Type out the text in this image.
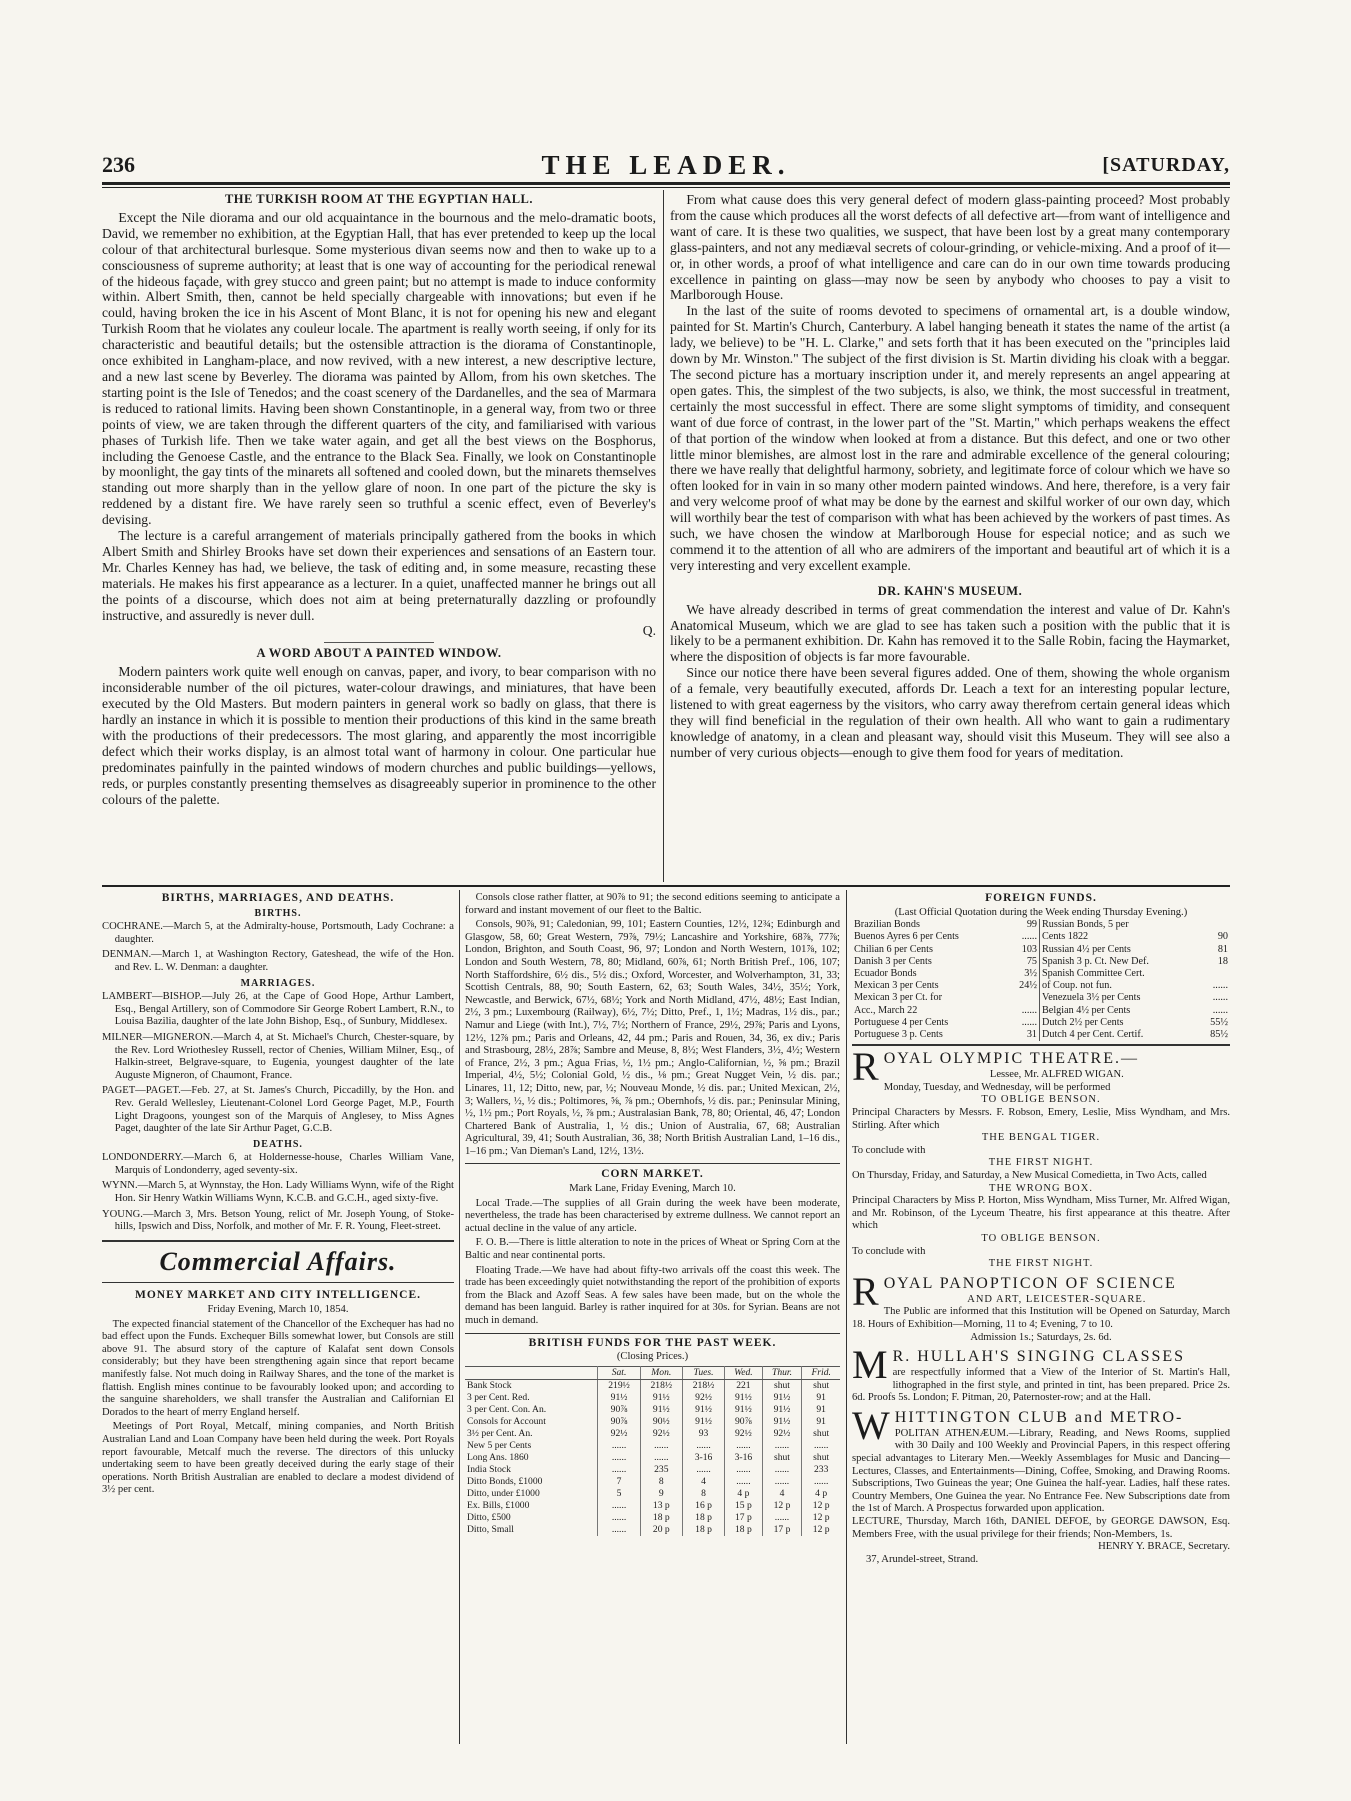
236	THE LEADER.	[SATURDAY,
THE TURKISH ROOM AT THE EGYPTIAN HALL.

Except the Nile diorama and our old acquaintance in the bournous and the melo-dramatic boots, David, we remember no exhibition, at the Egyptian Hall, that has ever pretended to keep up the local colour of that architectural burlesque. Some mysterious divan seems now and then to wake up to a consciousness of supreme authority; at least that is one way of accounting for the periodical renewal of the hideous façade, with grey stucco and green paint; but no attempt is made to induce conformity within. Albert Smith, then, cannot be held specially chargeable with innovations; but even if he could, having broken the ice in his Ascent of Mont Blanc, it is not for opening his new and elegant Turkish Room that he violates any couleur locale. The apartment is really worth seeing, if only for its characteristic and beautiful details; but the ostensible attraction is the diorama of Constantinople, once exhibited in Langham-place, and now revived, with a new interest, a new descriptive lecture, and a new last scene by Beverley. The diorama was painted by Allom, from his own sketches. The starting point is the Isle of Tenedos; and the coast scenery of the Dardanelles, and the sea of Marmara is reduced to rational limits. Having been shown Constantinople, in a general way, from two or three points of view, we are taken through the different quarters of the city, and familiarised with various phases of Turkish life. Then we take water again, and get all the best views on the Bosphorus, including the Genoese Castle, and the entrance to the Black Sea. Finally, we look on Constantinople by moonlight, the gay tints of the minarets all softened and cooled down, but the minarets themselves standing out more sharply than in the yellow glare of noon. In one part of the picture the sky is reddened by a distant fire. We have rarely seen so truthful a scenic effect, even of Beverley's devising.

The lecture is a careful arrangement of materials principally gathered from the books in which Albert Smith and Shirley Brooks have set down their experiences and sensations of an Eastern tour. Mr. Charles Kenney has had, we believe, the task of editing and, in some measure, recasting these materials. He makes his first appearance as a lecturer. In a quiet, unaffected manner he brings out all the points of a discourse, which does not aim at being preternaturally dazzling or profoundly instructive, and assuredly is never dull.

Q.

A WORD ABOUT A PAINTED WINDOW.

Modern painters work quite well enough on canvas, paper, and ivory, to bear comparison with no inconsiderable number of the oil pictures, water-colour drawings, and miniatures, that have been executed by the Old Masters. But modern painters in general work so badly on glass, that there is hardly an instance in which it is possible to mention their productions of this kind in the same breath with the productions of their predecessors. The most glaring, and apparently the most incorrigible defect which their works display, is an almost total want of harmony in colour. One particular hue predominates painfully in the painted windows of modern churches and public buildings—yellows, reds, or purples constantly presenting themselves as disagreeably superior in prominence to the other colours of the palette.

From what cause does this very general defect of modern glass-painting proceed? Most probably from the cause which produces all the worst defects of all defective art—from want of intelligence and want of care. It is these two qualities, we suspect, that have been lost by a great many contemporary glass-painters, and not any mediæval secrets of colour-grinding, or vehicle-mixing. And a proof of it—or, in other words, a proof of what intelligence and care can do in our own time towards producing excellence in painting on glass—may now be seen by anybody who chooses to pay a visit to Marlborough House.

In the last of the suite of rooms devoted to specimens of ornamental art, is a double window, painted for St. Martin's Church, Canterbury. A label hanging beneath it states the name of the artist (a lady, we believe) to be "H. L. Clarke," and sets forth that it has been executed on the "principles laid down by Mr. Winston." The subject of the first division is St. Martin dividing his cloak with a beggar. The second picture has a mortuary inscription under it, and merely represents an angel appearing at open gates. This, the simplest of the two subjects, is also, we think, the most successful in treatment, certainly the most successful in effect. There are some slight symptoms of timidity, and consequent want of due force of contrast, in the lower part of the "St. Martin," which perhaps weakens the effect of that portion of the window when looked at from a distance. But this defect, and one or two other little minor blemishes, are almost lost in the rare and admirable excellence of the general colouring; there we have really that delightful harmony, sobriety, and legitimate force of colour which we have so often looked for in vain in so many other modern painted windows. And here, therefore, is a very fair and very welcome proof of what may be done by the earnest and skilful worker of our own day, which will worthily bear the test of comparison with what has been achieved by the workers of past times. As such, we have chosen the window at Marlborough House for especial notice; and as such we commend it to the attention of all who are admirers of the important and beautiful art of which it is a very interesting and very excellent example.

DR. KAHN'S MUSEUM.

We have already described in terms of great commendation the interest and value of Dr. Kahn's Anatomical Museum, which we are glad to see has taken such a position with the public that it is likely to be a permanent exhibition. Dr. Kahn has removed it to the Salle Robin, facing the Haymarket, where the disposition of objects is far more favourable.

Since our notice there have been several figures added. One of them, showing the whole organism of a female, very beautifully executed, affords Dr. Leach a text for an interesting popular lecture, listened to with great eagerness by the visitors, who carry away therefrom certain general ideas which they will find beneficial in the regulation of their own health. All who want to gain a rudimentary knowledge of anatomy, in a clean and pleasant way, should visit this Museum. They will see also a number of very curious objects—enough to give them food for years of meditation.

BIRTHS, MARRIAGES, AND DEATHS.
BIRTHS.

COCHRANE.—March 5, at the Admiralty-house, Portsmouth, Lady Cochrane: a daughter.

DENMAN.—March 1, at Washington Rectory, Gateshead, the wife of the Hon. and Rev. L. W. Denman: a daughter.

MARRIAGES.

LAMBERT—BISHOP.—July 26, at the Cape of Good Hope, Arthur Lambert, Esq., Bengal Artillery, son of Commodore Sir George Robert Lambert, R.N., to Louisa Bazilia, daughter of the late John Bishop, Esq., of Sunbury, Middlesex.

MILNER—MIGNERON.—March 4, at St. Michael's Church, Chester-square, by the Rev. Lord Wriothesley Russell, rector of Chenies, William Milner, Esq., of Halkin-street, Belgrave-square, to Eugenia, youngest daughter of the late Auguste Migneron, of Chaumont, France.

PAGET—PAGET.—Feb. 27, at St. James's Church, Piccadilly, by the Hon. and Rev. Gerald Wellesley, Lieutenant-Colonel Lord George Paget, M.P., Fourth Light Dragoons, youngest son of the Marquis of Anglesey, to Miss Agnes Paget, daughter of the late Sir Arthur Paget, G.C.B.

DEATHS.

LONDONDERRY.—March 6, at Holdernesse-house, Charles William Vane, Marquis of Londonderry, aged seventy-six.

WYNN.—March 5, at Wynnstay, the Hon. Lady Williams Wynn, wife of the Right Hon. Sir Henry Watkin Williams Wynn, K.C.B. and G.C.H., aged sixty-five.

YOUNG.—March 3, Mrs. Betson Young, relict of Mr. Joseph Young, of Stoke-hills, Ipswich and Diss, Norfolk, and mother of Mr. F. R. Young, Fleet-street.

Commercial Affairs.
MONEY MARKET AND CITY INTELLIGENCE.

Friday Evening, March 10, 1854.

The expected financial statement of the Chancellor of the Exchequer has had no bad effect upon the Funds. Exchequer Bills somewhat lower, but Consols are still above 91. The absurd story of the capture of Kalafat sent down Consols considerably; but they have been strengthening again since that report became manifestly false. Not much doing in Railway Shares, and the tone of the market is flattish. English mines continue to be favourably looked upon; and according to the sanguine shareholders, we shall transfer the Australian and Californian El Dorados to the heart of merry England herself.

Meetings of Port Royal, Metcalf, mining companies, and North British Australian Land and Loan Company have been held during the week. Port Royals report favourable, Metcalf much the reverse. The directors of this unlucky undertaking seem to have been greatly deceived during the early stage of their operations. North British Australian are enabled to declare a modest dividend of 3½ per cent.

Consols close rather flatter, at 90⅞ to 91; the second editions seeming to anticipate a forward and instant movement of our fleet to the Baltic.

Consols, 90⅞, 91; Caledonian, 99, 101; Eastern Counties, 12½, 12¾; Edinburgh and Glasgow, 58, 60; Great Western, 79⅞, 79½; Lancashire and Yorkshire, 68⅞, 77⅞; London, Brighton, and South Coast, 96, 97; London and North Western, 101⅞, 102; London and South Western, 78, 80; Midland, 60⅞, 61; North British Pref., 106, 107; North Staffordshire, 6½ dis., 5½ dis.; Oxford, Worcester, and Wolverhampton, 31, 33; Scottish Centrals, 88, 90; South Eastern, 62, 63; South Wales, 34½, 35½; York, Newcastle, and Berwick, 67½, 68½; York and North Midland, 47½, 48½; East Indian, 2½, 3 pm.; Luxembourg (Railway), 6½, 7½; Ditto, Pref., 1, 1½; Madras, 1½ dis., par.; Namur and Liege (with Int.), 7½, 7½; Northern of France, 29½, 29⅞; Paris and Lyons, 12½, 12⅞ pm.; Paris and Orleans, 42, 44 pm.; Paris and Rouen, 34, 36, ex div.; Paris and Strasbourg, 28½, 28⅞; Sambre and Meuse, 8, 8½; West Flanders, 3½, 4½; Western of France, 2½, 3 pm.; Agua Frias, ½, 1½ pm.; Anglo-Californian, ½, ⅝ pm.; Brazil Imperial, 4½, 5½; Colonial Gold, ½ dis., ⅛ pm.; Great Nugget Vein, ½ dis. par.; Linares, 11, 12; Ditto, new, par, ½; Nouveau Monde, ½ dis. par.; United Mexican, 2½, 3; Wallers, ½, ½ dis.; Poltimores, ⅝, ⅞ pm.; Obernhofs, ½ dis. par.; Peninsular Mining, ½, 1½ pm.; Port Royals, ½, ⅞ pm.; Australasian Bank, 78, 80; Oriental, 46, 47; London Chartered Bank of Australia, 1, ½ dis.; Union of Australia, 67, 68; Australian Agricultural, 39, 41; South Australian, 36, 38; North British Australian Land, 1–16 dis., 1–16 pm.; Van Dieman's Land, 12½, 13½.

CORN MARKET.

Mark Lane, Friday Evening, March 10.

Local Trade.—The supplies of all Grain during the week have been moderate, nevertheless, the trade has been characterised by extreme dullness. We cannot report an actual decline in the value of any article.

F. O. B.—There is little alteration to note in the prices of Wheat or Spring Corn at the Baltic and near continental ports.

Floating Trade.—We have had about fifty-two arrivals off the coast this week. The trade has been exceedingly quiet notwithstanding the report of the prohibition of exports from the Black and Azoff Seas. A few sales have been made, but on the whole the demand has been languid. Barley is rather inquired for at 30s. for Syrian. Beans are not much in demand.

BRITISH FUNDS FOR THE PAST WEEK.

(Closing Prices.)

	Sat.	Mon.	Tues.	Wed.	Thur.	Frid.
Bank Stock	219½	218½	218½	221	shut	shut
3 per Cent. Red.	91½	91½	92½	91½	91½	91
3 per Cent. Con. An.	90⅞	91½	91½	91½	91½	91
Consols for Account	90⅞	90½	91½	90⅞	91½	91
3½ per Cent. An.	92½	92½	93	92½	92½	shut
New 5 per Cents	......	......	......	......	......	......
Long Ans. 1860	......	......	3-16	3-16	shut	shut
India Stock	......	235	......	......	......	233
Ditto Bonds, £1000	7	8	4	......	......	......
Ditto, under £1000	5	9	8	4 p	4	4 p
Ex. Bills, £1000	......	13 p	16 p	15 p	12 p	12 p
Ditto, £500	......	18 p	18 p	17 p	......	12 p
Ditto, Small	......	20 p	18 p	18 p	17 p	12 p
FOREIGN FUNDS.

(Last Official Quotation during the Week ending Thursday Evening.)

Brazilian Bonds	99	Russian Bonds, 5 per	
Buenos Ayres 6 per Cents	......	Cents 1822	90
Chilian 6 per Cents	103	Russian 4½ per Cents	81
Danish 3 per Cents	75	Spanish 3 p. Ct. New Def.	18
Ecuador Bonds	3½	Spanish Committee Cert.	
Mexican 3 per Cents	24½	of Coup. not fun.	......
Mexican 3 per Ct. for		Venezuela 3½ per Cents	......
Acc., March 22	......	Belgian 4½ per Cents	......
Portuguese 4 per Cents	......	Dutch 2½ per Cents	55½
Portuguese 3 p. Cents	31	Dutch 4 per Cent. Certif.	85½
ROYAL OLYMPIC THEATRE.—

Lessee, Mr. ALFRED WIGAN.

Monday, Tuesday, and Wednesday, will be performed

TO OBLIGE BENSON.

Principal Characters by Messrs. F. Robson, Emery, Leslie, Miss Wyndham, and Mrs. Stirling. After which

THE BENGAL TIGER.

To conclude with

THE FIRST NIGHT.

On Thursday, Friday, and Saturday, a New Musical Comedietta, in Two Acts, called

THE WRONG BOX.

Principal Characters by Miss P. Horton, Miss Wyndham, Miss Turner, Mr. Alfred Wigan, and Mr. Robinson, of the Lyceum Theatre, his first appearance at this theatre. After which

TO OBLIGE BENSON.

To conclude with

THE FIRST NIGHT.

ROYAL PANOPTICON OF SCIENCE

AND ART, LEICESTER-SQUARE.

The Public are informed that this Institution will be Opened on Saturday, March 18. Hours of Exhibition—Morning, 11 to 4; Evening, 7 to 10.

Admission 1s.; Saturdays, 2s. 6d.

M R. HULLAH'S SINGING CLASSES

are respectfully informed that a View of the Interior of St. Martin's Hall, lithographed in the first style, and printed in tint, has been prepared. Price 2s. 6d. Proofs 5s. London; F. Pitman, 20, Paternoster-row; and at the Hall.

WHITTINGTON CLUB and METRO-

POLITAN ATHENÆUM.—Library, Reading, and News Rooms, supplied with 30 Daily and 100 Weekly and Provincial Papers, in this respect offering special advantages to Literary Men.—Weekly Assemblages for Music and Dancing—Lectures, Classes, and Entertainments—Dining, Coffee, Smoking, and Drawing Rooms. Subscriptions, Two Guineas the year; One Guinea the half-year. Ladies, half these rates. Country Members, One Guinea the year. No Entrance Fee. New Subscriptions date from the 1st of March. A Prospectus forwarded upon application.

LECTURE, Thursday, March 16th, DANIEL DEFOE, by GEORGE DAWSON, Esq. Members Free, with the usual privilege for their friends; Non-Members, 1s.

HENRY Y. BRACE, Secretary.

37, Arundel-street, Strand.
